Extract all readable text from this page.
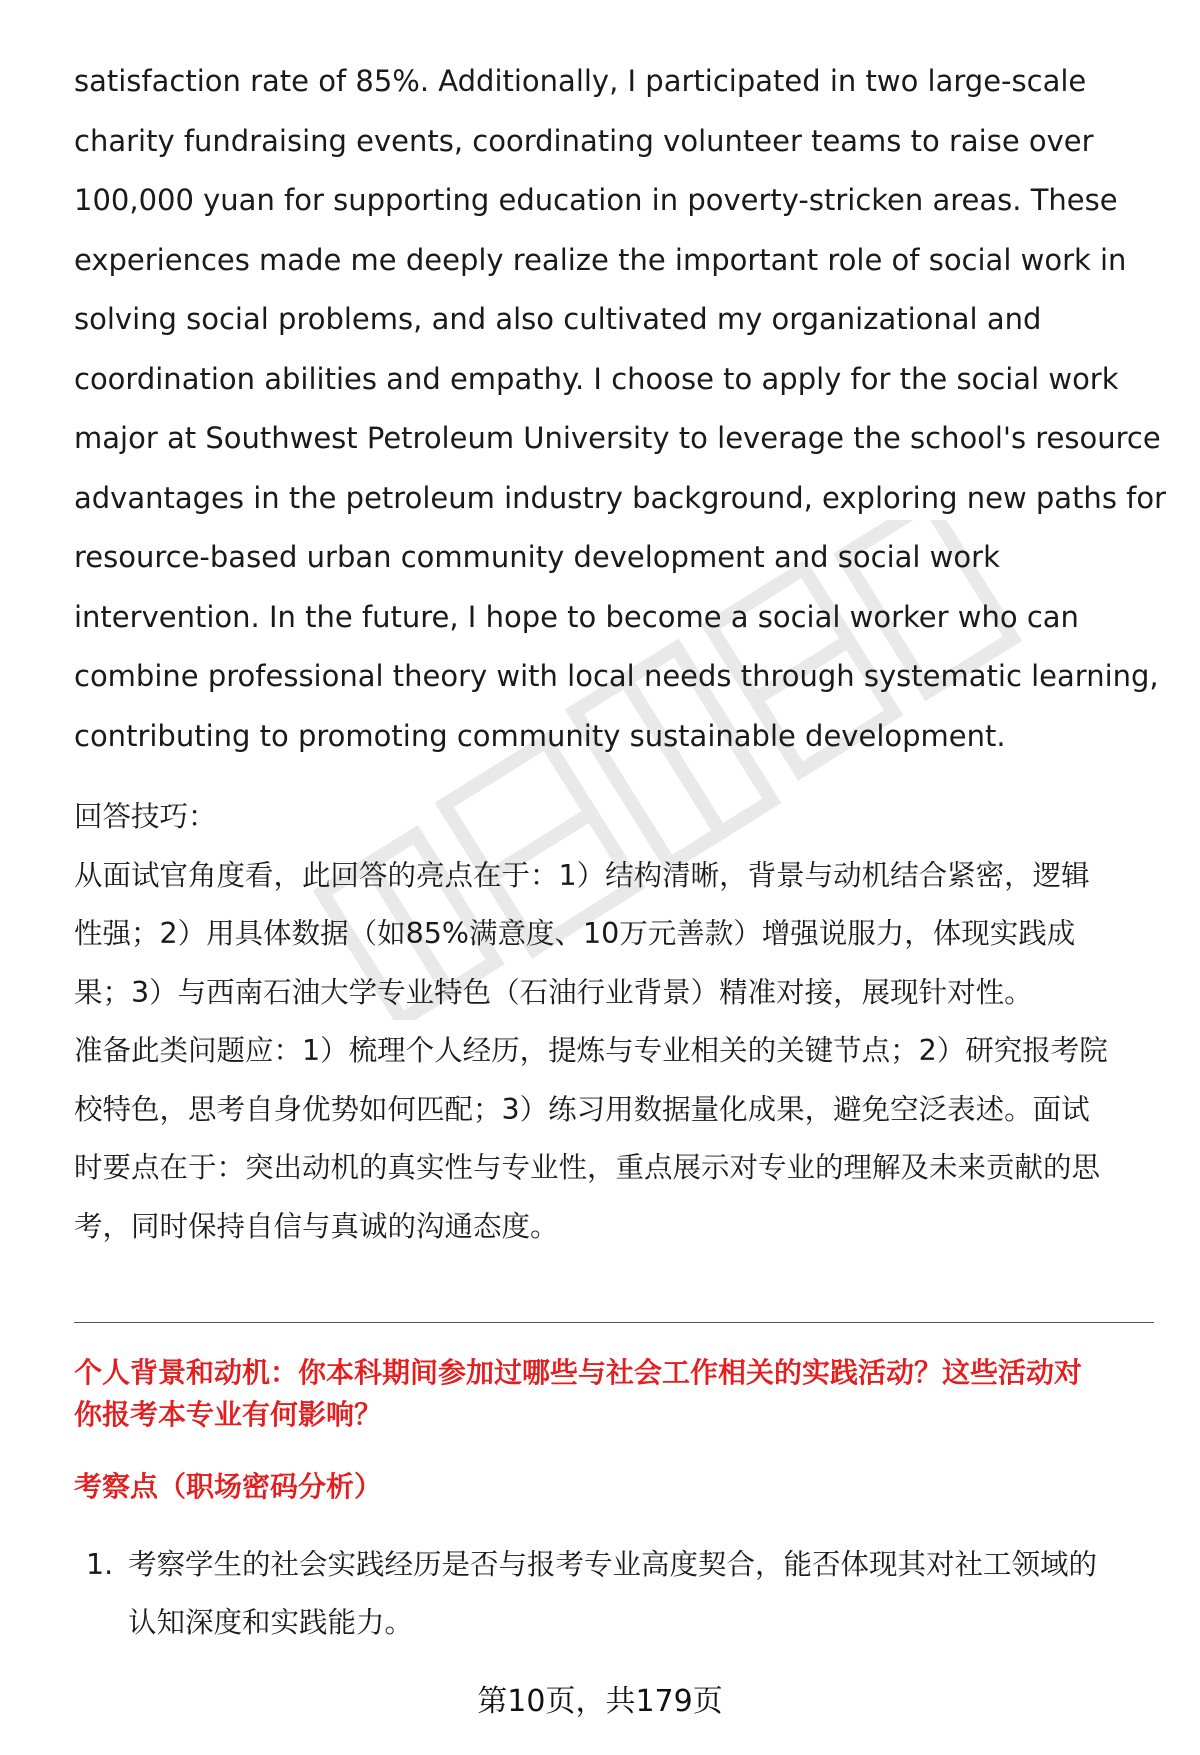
satisfaction rate of 85%. Additionally, I participated in two large-scale
charity fundraising events, coordinating volunteer teams to raise over
100,000 yuan for supporting education in poverty-stricken areas. These
experiences made me deeply realize the important role of social work in
solving social problems, and also cultivated my organizational and
coordination abilities and empathy. I choose to apply for the social work
major at Southwest Petroleum University to leverage the school's resource
advantages in the petroleum industry background, exploring new paths for
resource-based urban community development and social work
intervention. In the future, I hope to become a social worker who can
combine professional theory with local needs through systematic learning,
contributing to promoting community sustainable development.

回答技巧：

从面试官角度看，此回答的亮点在于：1）结构清晰，背景与动机结合紧密，逻辑
性强；2）用具体数据（如85%满意度、10万元善款）增强说服力，体现实践成
果；3）与西南石油大学专业特色（石油行业背景）精准对接，展现针对性。

准备此类问题应：1）梳理个人经历，提炼与专业相关的关键节点；2）研究报考院
校特色，思考自身优势如何匹配；3）练习用数据量化成果，避免空泛表述。面试
时要点在于：突出动机的真实性与专业性，重点展示对专业的理解及未来贡献的思
考，同时保持自信与真诚的沟通态度。

个人背景和动机：你本科期间参加过哪些与社会工作相关的实践活动？这些活动对
你报考本专业有何影响？
考察点（职场密码分析）
1. 考察学生的社会实践经历是否与报考专业高度契合，能否体现其对社工领域的
认知深度和实践能力。
第10页，共179页
